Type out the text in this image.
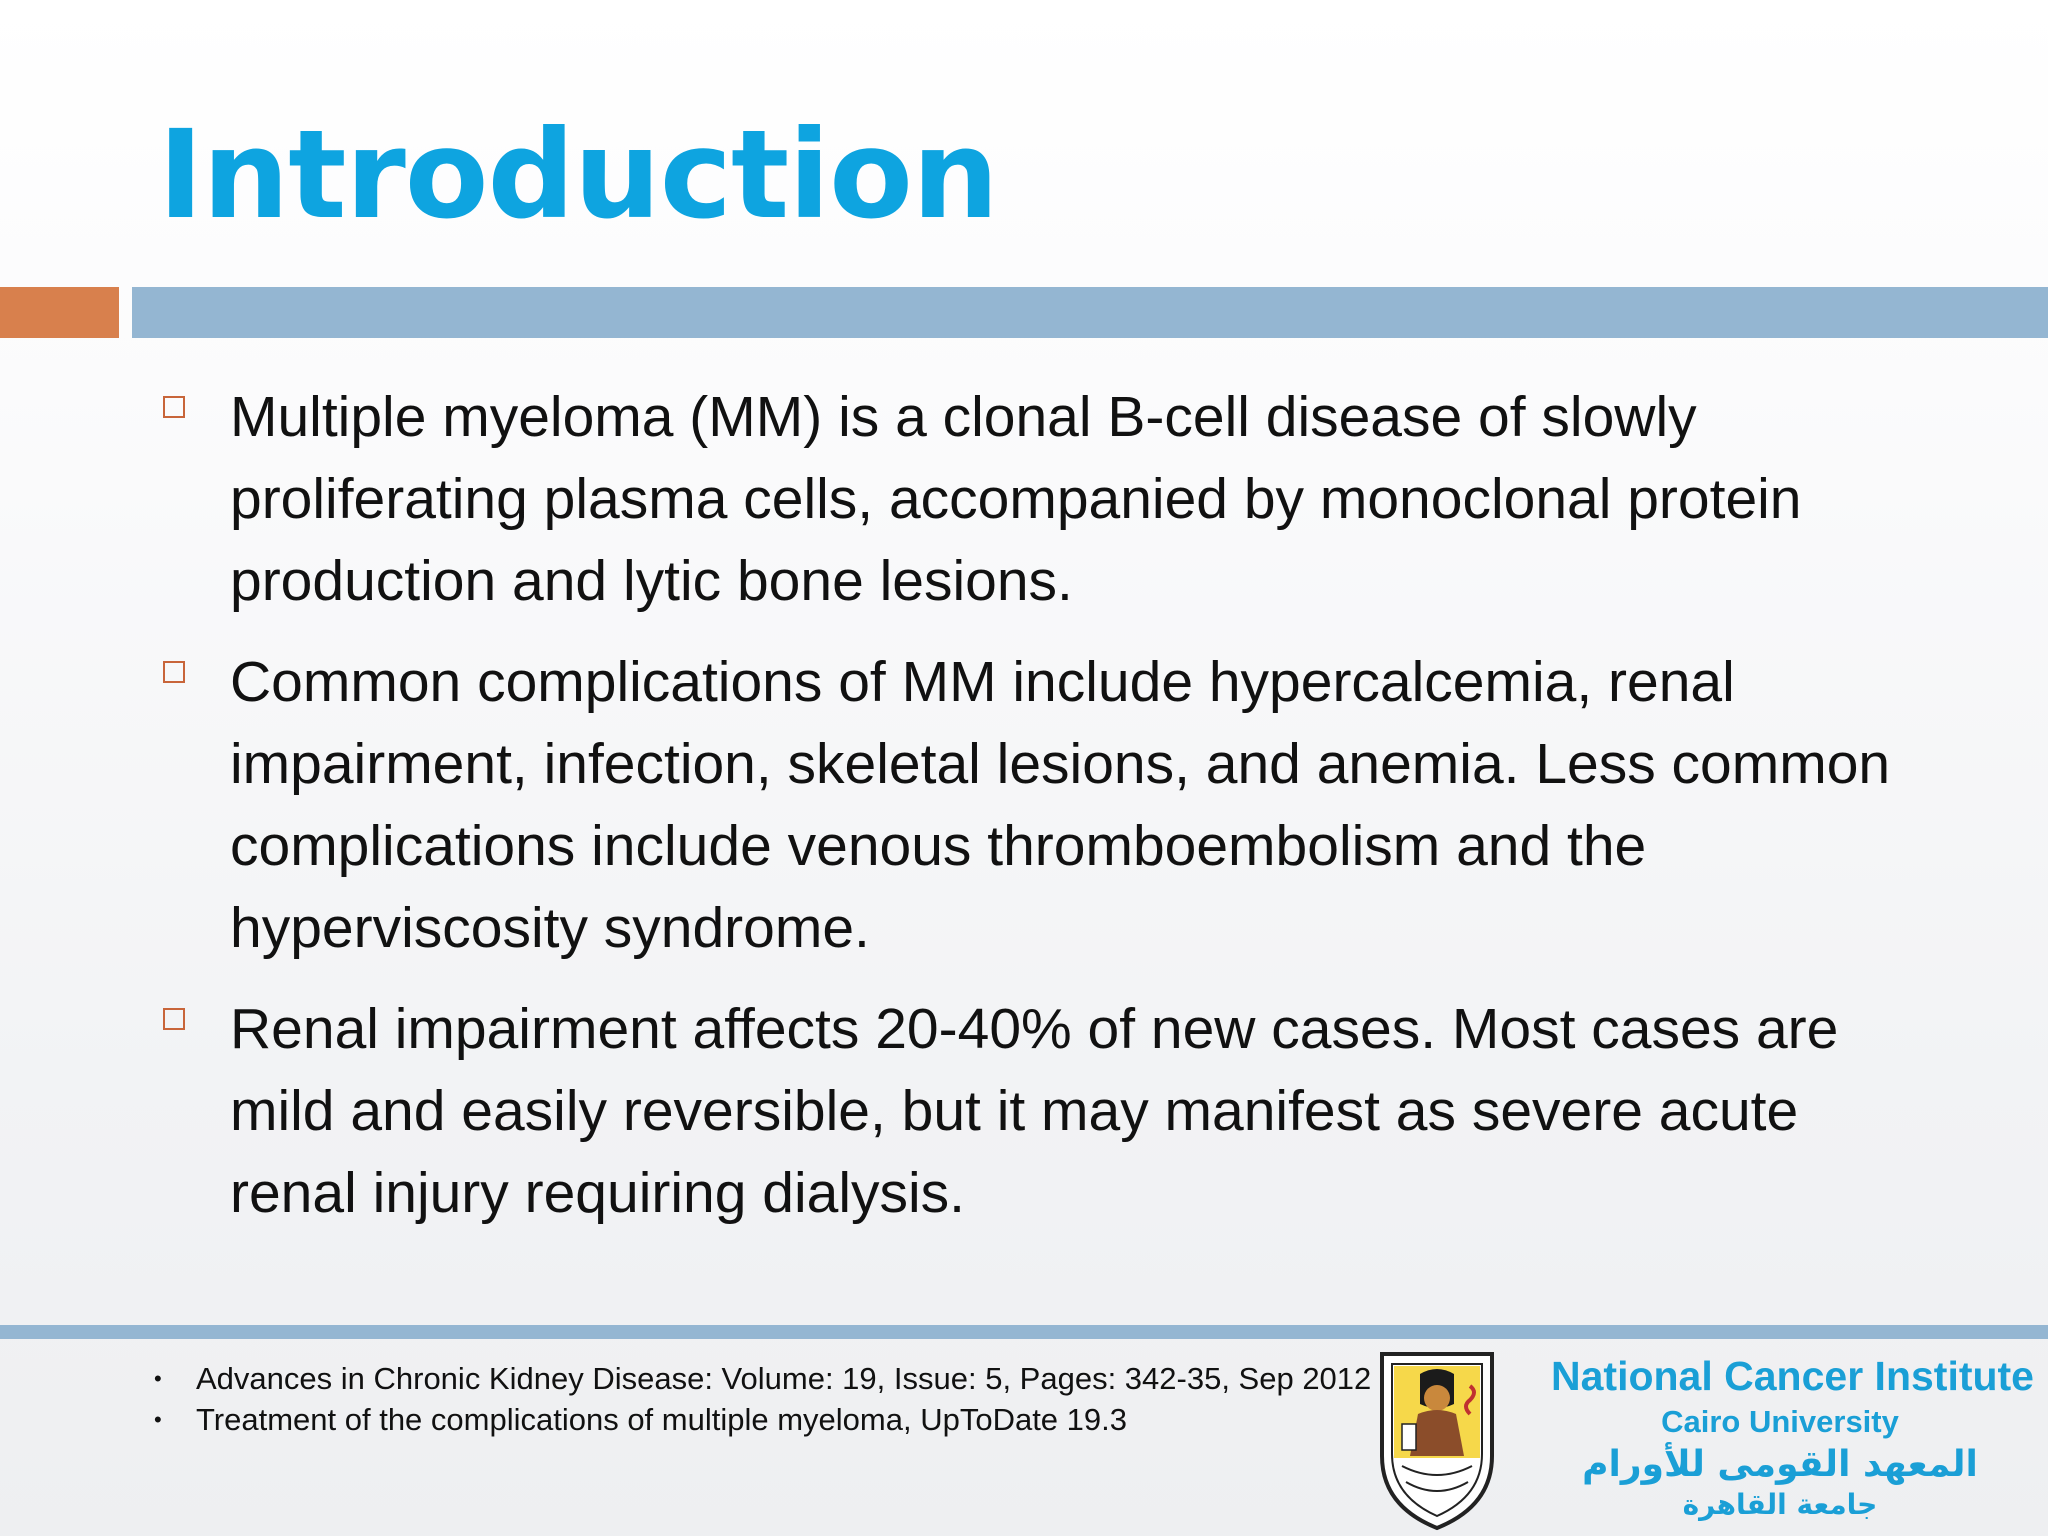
Introduction
Multiple myeloma (MM) is a clonal B-cell disease of slowly proliferating plasma cells, accompanied by monoclonal protein production and lytic bone lesions.
Common complications of MM include hypercalcemia, renal impairment, infection, skeletal lesions, and anemia. Less common complications include venous thromboembolism and the hyperviscosity syndrome.
Renal impairment affects 20-40% of new cases. Most cases are mild and easily reversible, but it may manifest as severe acute renal injury requiring dialysis.
• Advances in Chronic Kidney Disease: Volume: 19, Issue: 5, Pages: 342-35, Sep 2012
• Treatment of the complications of multiple myeloma, UpToDate 19.3
National Cancer Institute
Cairo University
المعهد القومى للأورام
جامعة القاهرة
